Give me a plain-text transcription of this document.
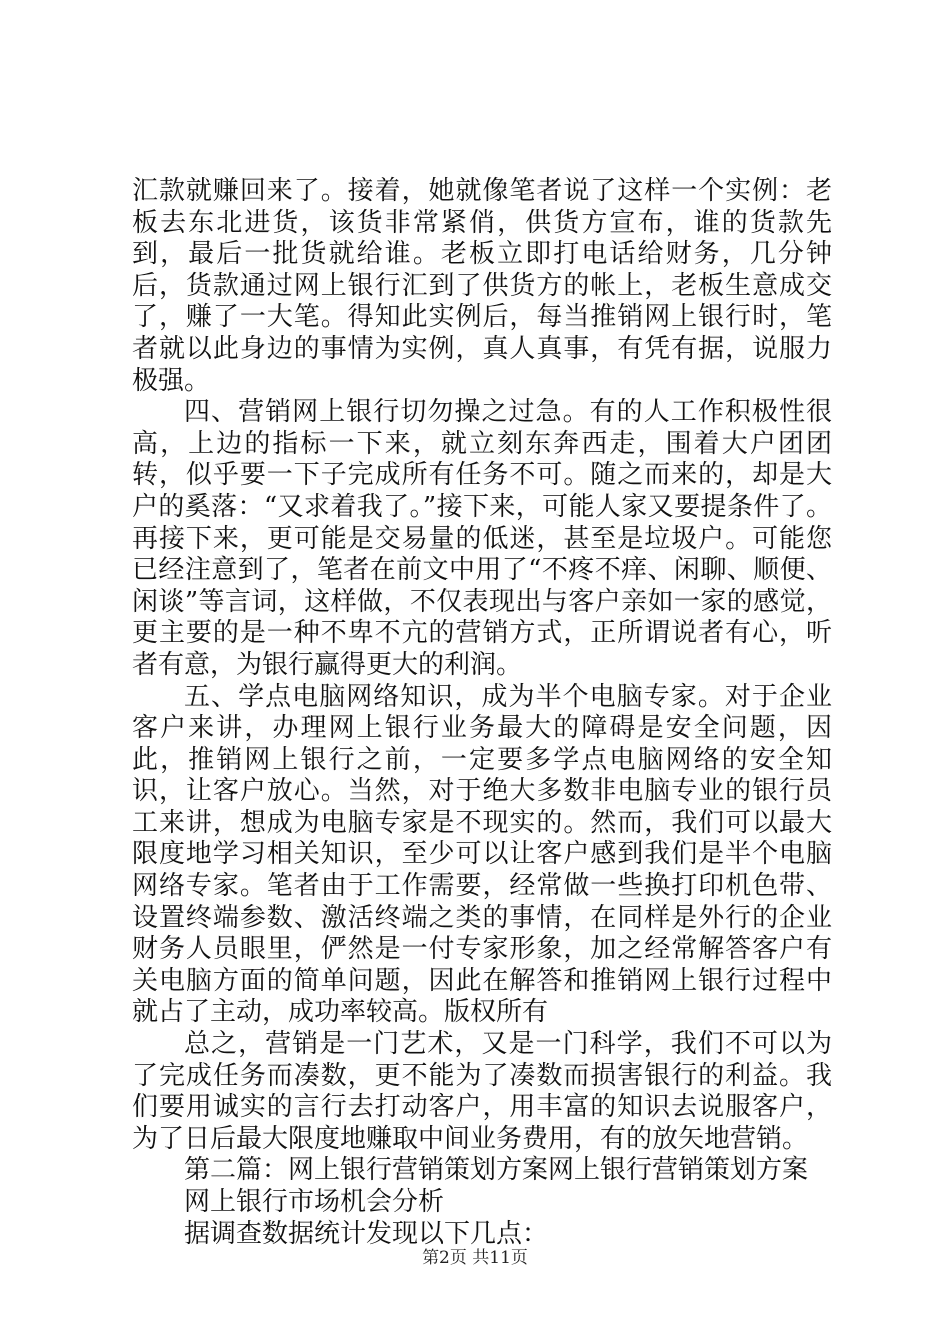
汇款就赚回来了。接着，她就像笔者说了这样一个实例：老板去东北进货，该货非常紧俏，供货方宣布，谁的货款先到，最后一批货就给谁。老板立即打电话给财务，几分钟后，货款通过网上银行汇到了供货方的帐上，老板生意成交了，赚了一大笔。得知此实例后，每当推销网上银行时，笔者就以此身边的事情为实例，真人真事，有凭有据，说服力极强。

四、营销网上银行切勿操之过急。有的人工作积极性很高，上边的指标一下来，就立刻东奔西走，围着大户团团转，似乎要一下子完成所有任务不可。随之而来的，却是大户的奚落：“又求着我了。”接下来，可能人家又要提条件了。再接下来，更可能是交易量的低迷，甚至是垃圾户。可能您已经注意到了，笔者在前文中用了“不疼不痒、闲聊、顺便、闲谈”等言词，这样做，不仅表现出与客户亲如一家的感觉，更主要的是一种不卑不亢的营销方式，正所谓说者有心，听者有意，为银行赢得更大的利润。

五、学点电脑网络知识，成为半个电脑专家。对于企业客户来讲，办理网上银行业务最大的障碍是安全问题，因此，推销网上银行之前，一定要多学点电脑网络的安全知识，让客户放心。当然，对于绝大多数非电脑专业的银行员工来讲，想成为电脑专家是不现实的。然而，我们可以最大限度地学习相关知识，至少可以让客户感到我们是半个电脑网络专家。笔者由于工作需要，经常做一些换打印机色带、设置终端参数、激活终端之类的事情，在同样是外行的企业财务人员眼里，俨然是一付专家形象，加之经常解答客户有关电脑方面的简单问题，因此在解答和推销网上银行过程中就占了主动，成功率较高。版权所有

总之，营销是一门艺术，又是一门科学，我们不可以为了完成任务而凑数，更不能为了凑数而损害银行的利益。我们要用诚实的言行去打动客户，用丰富的知识去说服客户，为了日后最大限度地赚取中间业务费用，有的放矢地营销。

第二篇：网上银行营销策划方案网上银行营销策划方案

网上银行市场机会分析

据调查数据统计发现以下几点：

第2页 共11页
